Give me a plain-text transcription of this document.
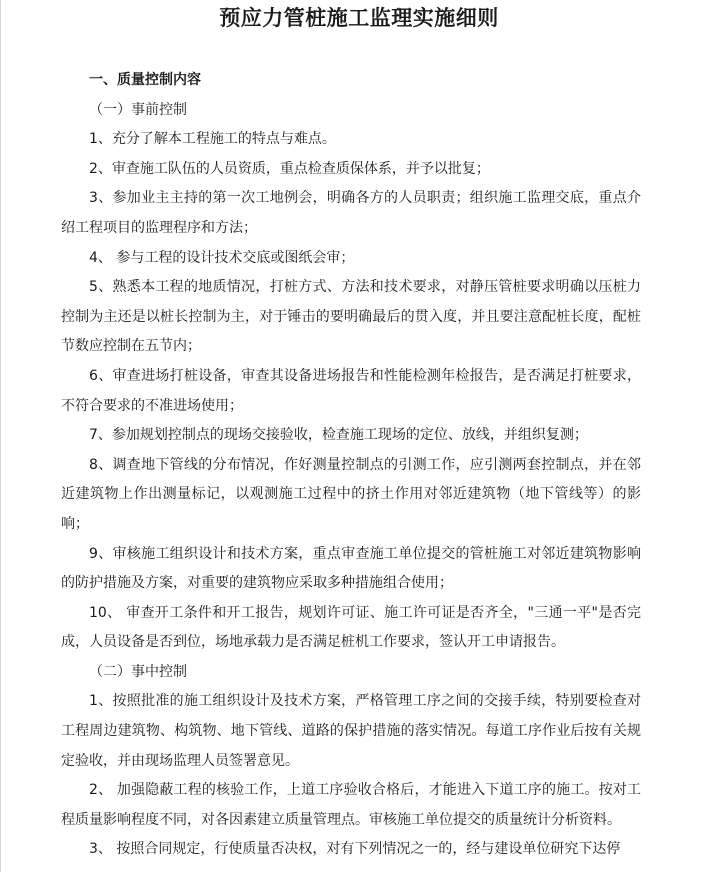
预应力管桩施工监理实施细则

一、质量控制内容

（一）事前控制

1、充分了解本工程施工的特点与难点。

2、审查施工队伍的人员资质，重点检查质保体系，并予以批复；

3、参加业主主持的第一次工地例会，明确各方的人员职责；组织施工监理交底，重点介绍工程项目的监理程序和方法；

4、 参与工程的设计技术交底或图纸会审；

5、熟悉本工程的地质情况，打桩方式、方法和技术要求，对静压管桩要求明确以压桩力控制为主还是以桩长控制为主，对于锤击的要明确最后的贯入度，并且要注意配桩长度，配桩节数应控制在五节内；

6、审查进场打桩设备，审查其设备进场报告和性能检测年检报告，是否满足打桩要求，不符合要求的不准进场使用；

7、参加规划控制点的现场交接验收，检查施工现场的定位、放线，并组织复测；

8、调查地下管线的分布情况，作好测量控制点的引测工作，应引测两套控制点，并在邻近建筑物上作出测量标记，以观测施工过程中的挤土作用对邻近建筑物（地下管线等）的影响；

9、审核施工组织设计和技术方案，重点审查施工单位提交的管桩施工对邻近建筑物影响的防护措施及方案，对重要的建筑物应采取多种措施组合使用；

10、 审查开工条件和开工报告，规划许可证、施工许可证是否齐全，"三通一平"是否完成，人员设备是否到位，场地承载力是否满足桩机工作要求，签认开工申请报告。

（二）事中控制

1、按照批准的施工组织设计及技术方案，严格管理工序之间的交接手续，特别要检查对工程周边建筑物、构筑物、地下管线、道路的保护措施的落实情况。每道工序作业后按有关规定验收，并由现场监理人员签署意见。

2、 加强隐蔽工程的核验工作，上道工序验收合格后，才能进入下道工序的施工。按对工程质量影响程度不同，对各因素建立质量管理点。审核施工单位提交的质量统计分析资料。

3、 按照合同规定，行使质量否决权，对有下列情况之一的，经与建设单位研究下达停
